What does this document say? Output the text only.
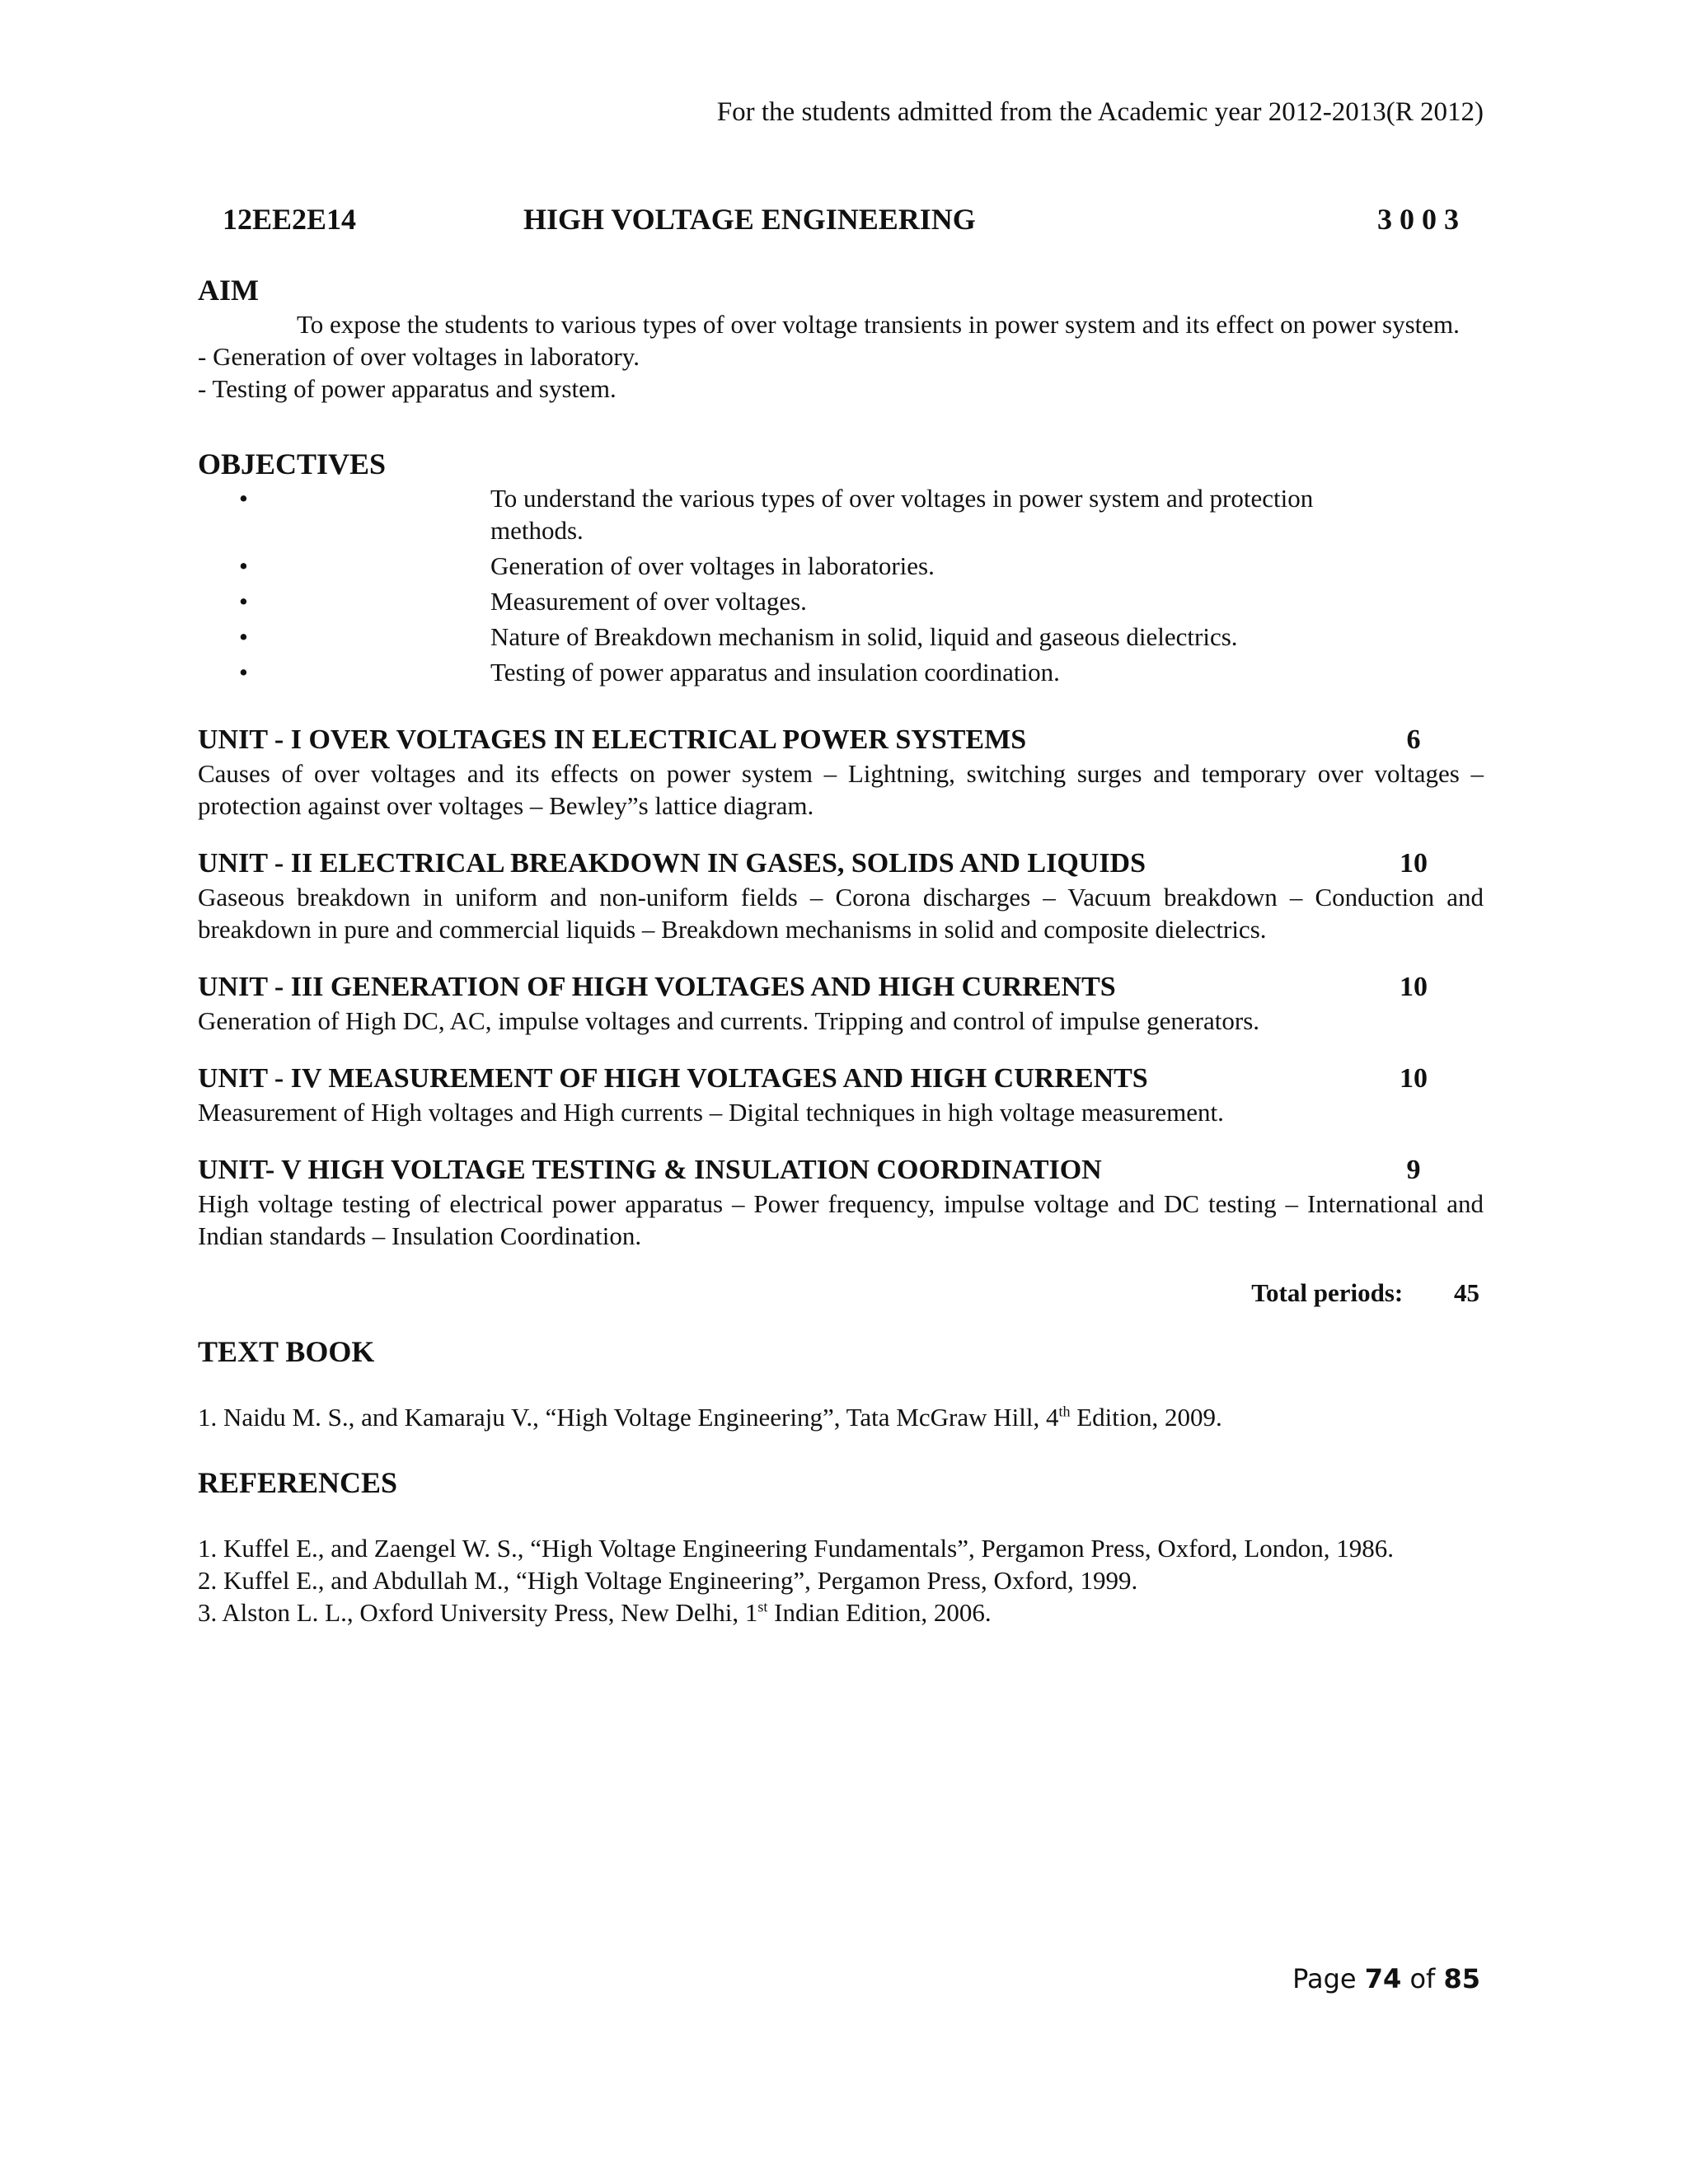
For the students admitted from the Academic year 2012-2013(R 2012)
12EE2E14	HIGH VOLTAGE ENGINEERING	3 0 0 3
AIM

To expose the students to various types of over voltage transients in power system and its effect on power system.

- Generation of over voltages in laboratory.

- Testing of power apparatus and system.

OBJECTIVES
•	To understand the various types of over voltages in power system and protection methods.
•	Generation of over voltages in laboratories.
•	Measurement of over voltages.
•	Nature of Breakdown mechanism in solid, liquid and gaseous dielectrics.
•	Testing of power apparatus and insulation coordination.
UNIT - I OVER VOLTAGES IN ELECTRICAL POWER SYSTEMS	6

Causes of over voltages and its effects on power system – Lightning, switching surges and temporary over voltages – protection against over voltages – Bewley”s lattice diagram.

UNIT - II ELECTRICAL BREAKDOWN IN GASES, SOLIDS AND LIQUIDS	10

Gaseous breakdown in uniform and non-uniform fields – Corona discharges – Vacuum breakdown – Conduction and breakdown in pure and commercial liquids – Breakdown mechanisms in solid and composite dielectrics.

UNIT - III GENERATION OF HIGH VOLTAGES AND HIGH CURRENTS	10

Generation of High DC, AC, impulse voltages and currents. Tripping and control of impulse generators.

UNIT - IV MEASUREMENT OF HIGH VOLTAGES AND HIGH CURRENTS	10

Measurement of High voltages and High currents – Digital techniques in high voltage measurement.

UNIT- V HIGH VOLTAGE TESTING & INSULATION COORDINATION	9

High voltage testing of electrical power apparatus – Power frequency, impulse voltage and DC testing – International and Indian standards – Insulation Coordination.

Total periods: 45
TEXT BOOK

1. Naidu M. S., and Kamaraju V., “High Voltage Engineering”, Tata McGraw Hill, 4th Edition, 2009.

REFERENCES

1. Kuffel E., and Zaengel W. S., “High Voltage Engineering Fundamentals”, Pergamon Press, Oxford, London, 1986.

2. Kuffel E., and Abdullah M., “High Voltage Engineering”, Pergamon Press, Oxford, 1999.

3. Alston L. L., Oxford University Press, New Delhi, 1st Indian Edition, 2006.

Page 74 of 85
